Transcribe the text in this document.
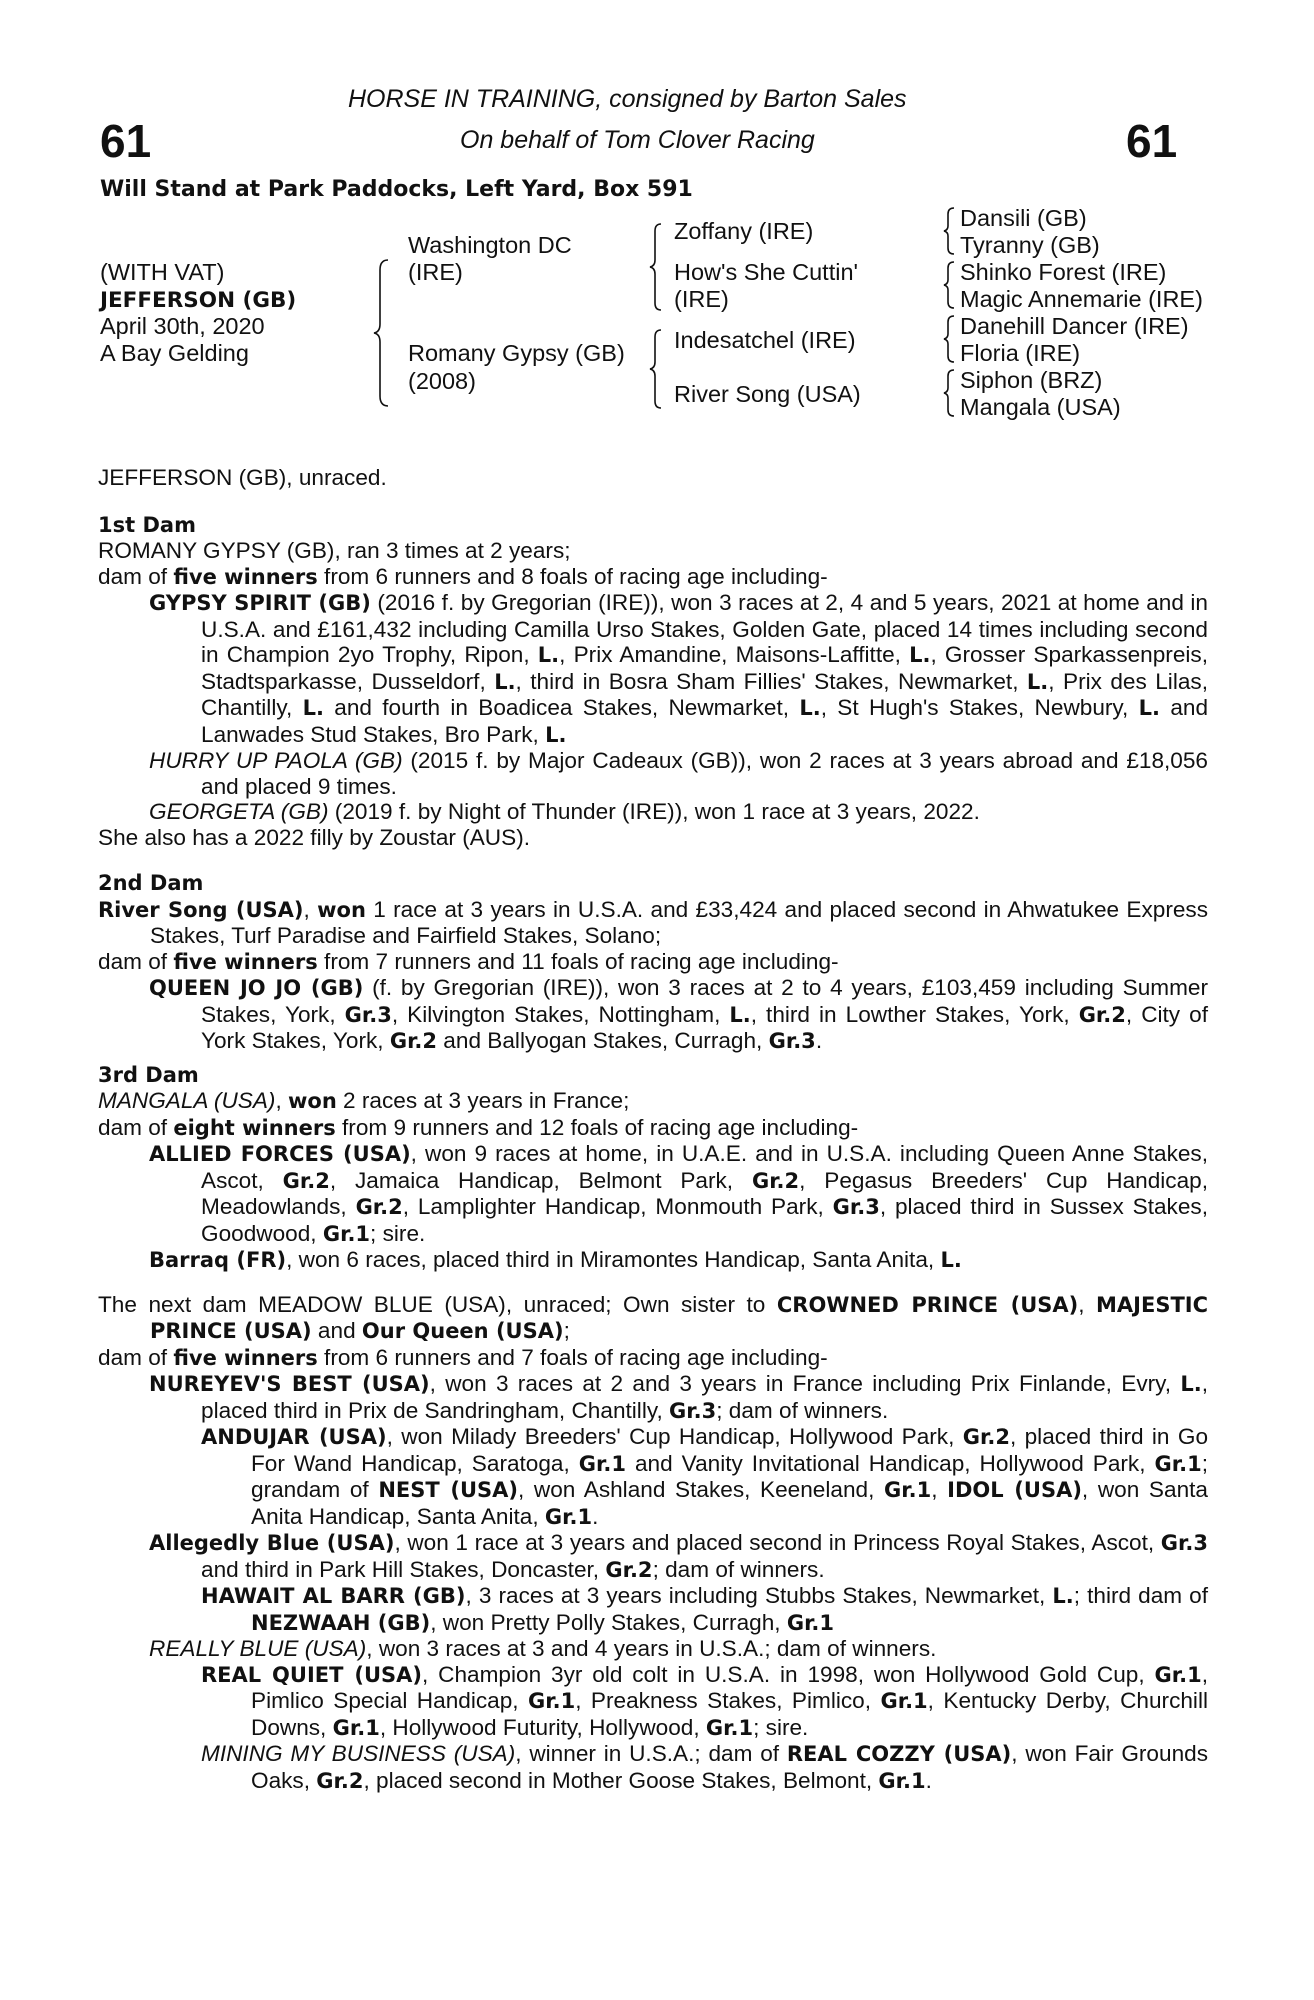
HORSE IN TRAINING, consigned by Barton Sales
On behalf of Tom Clover Racing
61	61
Will Stand at Park Paddocks, Left Yard, Box 591
(WITH VAT)
JEFFERSON (GB)
April 30th, 2020
A Bay Gelding
Washington DC
(IRE)
Romany Gypsy (GB)
(2008)
Zoffany (IRE)
How's She Cuttin'
(IRE)
Indesatchel (IRE)
River Song (USA)
Dansili (GB)
Tyranny (GB)
Shinko Forest (IRE)
Magic Annemarie (IRE)
Danehill Dancer (IRE)
Floria (IRE)
Siphon (BRZ)
Mangala (USA)

JEFFERSON (GB), unraced.

1st Dam

ROMANY GYPSY (GB), ran 3 times at 2 years;

dam of five winners from 6 runners and 8 foals of racing age including-

GYPSY SPIRIT (GB) (2016 f. by Gregorian (IRE)), won 3 races at 2, 4 and 5 years, 2021 at home and in U.S.A. and £161,432 including Camilla Urso Stakes, Golden Gate, placed 14 times including second in Champion 2yo Trophy, Ripon, L., Prix Amandine, Maisons-Laffitte, L., Grosser Sparkassenpreis, Stadtsparkasse, Dusseldorf, L., third in Bosra Sham Fillies' Stakes, Newmarket, L., Prix des Lilas, Chantilly, L. and fourth in Boadicea Stakes, Newmarket, L., St Hugh's Stakes, Newbury, L. and Lanwades Stud Stakes, Bro Park, L.

HURRY UP PAOLA (GB) (2015 f. by Major Cadeaux (GB)), won 2 races at 3 years abroad and £18,056 and placed 9 times.

GEORGETA (GB) (2019 f. by Night of Thunder (IRE)), won 1 race at 3 years, 2022.

She also has a 2022 filly by Zoustar (AUS).

2nd Dam

River Song (USA), won 1 race at 3 years in U.S.A. and £33,424 and placed second in Ahwatukee Express Stakes, Turf Paradise and Fairfield Stakes, Solano;

dam of five winners from 7 runners and 11 foals of racing age including-

QUEEN JO JO (GB) (f. by Gregorian (IRE)), won 3 races at 2 to 4 years, £103,459 including Summer Stakes, York, Gr.3, Kilvington Stakes, Nottingham, L., third in Lowther Stakes, York, Gr.2, City of York Stakes, York, Gr.2 and Ballyogan Stakes, Curragh, Gr.3.

3rd Dam

MANGALA (USA), won 2 races at 3 years in France;

dam of eight winners from 9 runners and 12 foals of racing age including-

ALLIED FORCES (USA), won 9 races at home, in U.A.E. and in U.S.A. including Queen Anne Stakes, Ascot, Gr.2, Jamaica Handicap, Belmont Park, Gr.2, Pegasus Breeders' Cup Handicap, Meadowlands, Gr.2, Lamplighter Handicap, Monmouth Park, Gr.3, placed third in Sussex Stakes, Goodwood, Gr.1; sire.

Barraq (FR), won 6 races, placed third in Miramontes Handicap, Santa Anita, L.

The next dam MEADOW BLUE (USA), unraced; Own sister to CROWNED PRINCE (USA), MAJESTIC PRINCE (USA) and Our Queen (USA);

dam of five winners from 6 runners and 7 foals of racing age including-

NUREYEV'S BEST (USA), won 3 races at 2 and 3 years in France including Prix Finlande, Evry, L., placed third in Prix de Sandringham, Chantilly, Gr.3; dam of winners.

ANDUJAR (USA), won Milady Breeders' Cup Handicap, Hollywood Park, Gr.2, placed third in Go For Wand Handicap, Saratoga, Gr.1 and Vanity Invitational Handicap, Hollywood Park, Gr.1; grandam of NEST (USA), won Ashland Stakes, Keeneland, Gr.1, IDOL (USA), won Santa Anita Handicap, Santa Anita, Gr.1.

Allegedly Blue (USA), won 1 race at 3 years and placed second in Princess Royal Stakes, Ascot, Gr.3 and third in Park Hill Stakes, Doncaster, Gr.2; dam of winners.

HAWAIT AL BARR (GB), 3 races at 3 years including Stubbs Stakes, Newmarket, L.; third dam of NEZWAAH (GB), won Pretty Polly Stakes, Curragh, Gr.1

REALLY BLUE (USA), won 3 races at 3 and 4 years in U.S.A.; dam of winners.

REAL QUIET (USA), Champion 3yr old colt in U.S.A. in 1998, won Hollywood Gold Cup, Gr.1, Pimlico Special Handicap, Gr.1, Preakness Stakes, Pimlico, Gr.1, Kentucky Derby, Churchill Downs, Gr.1, Hollywood Futurity, Hollywood, Gr.1; sire.

MINING MY BUSINESS (USA), winner in U.S.A.; dam of REAL COZZY (USA), won Fair Grounds Oaks, Gr.2, placed second in Mother Goose Stakes, Belmont, Gr.1.
